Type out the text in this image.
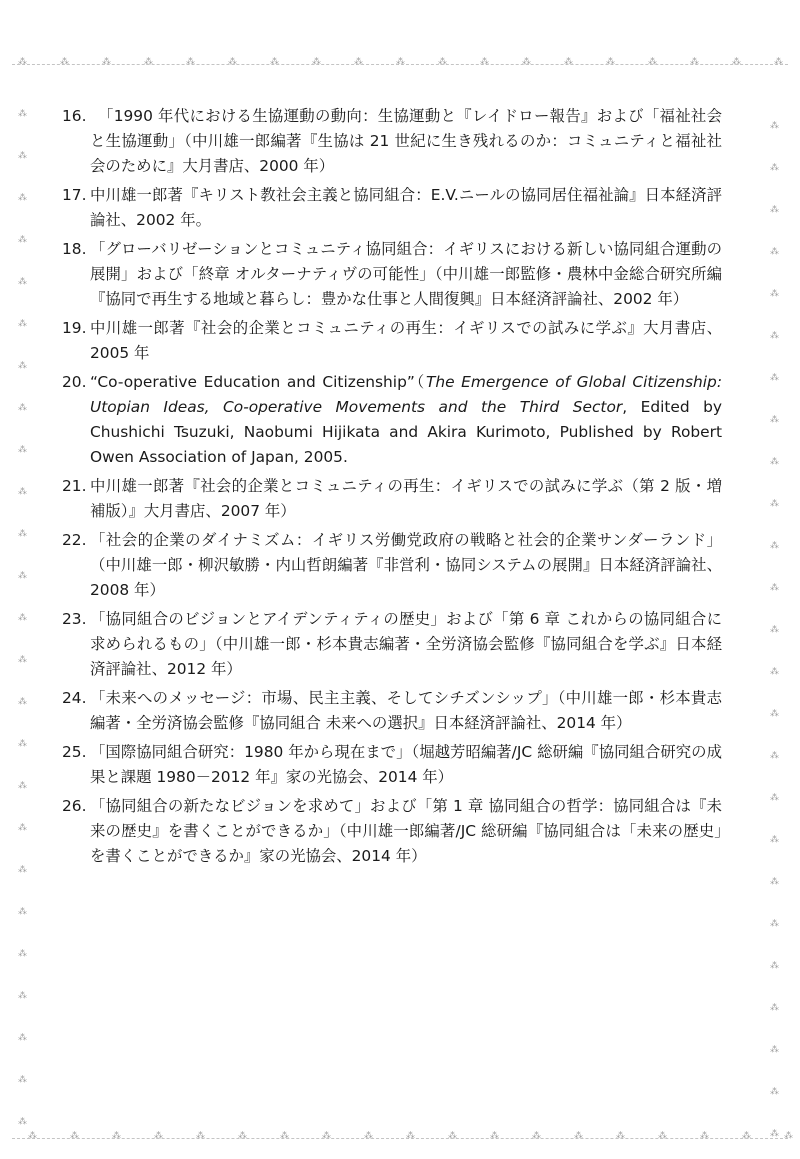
⁂
⁂
⁂
⁂
⁂
⁂
⁂
⁂
⁂
⁂
⁂
⁂
⁂
⁂
⁂
⁂
⁂
⁂
⁂
⁂
⁂
⁂
⁂
⁂
⁂
⁂
⁂
⁂
⁂
⁂
⁂
⁂
⁂
⁂
⁂
⁂
⁂
⁂
⁂
⁂
⁂
⁂
⁂
⁂
⁂
⁂
⁂
⁂
⁂
⁂
⁂
⁂
⁂
⁂
⁂
⁂
⁂
⁂
⁂
⁂
⁂
⁂
⁂
⁂
⁂
⁂
⁂
⁂
⁂
⁂
⁂
⁂
⁂
⁂
⁂
⁂
⁂
⁂
⁂
⁂
⁂
⁂
⁂
⁂
⁂
⁂
⁂
⁂
16. 　「1990 年代における生協運動の動向：生協運動と『レイドロー報告』および「福祉社会と生協運動」（中川雄一郎編著『生協は 21 世紀に生き残れるのか：コミュニティと福祉社会のために』大月書店、2000 年）
17. 中川雄一郎著『キリスト教社会主義と協同組合：E.V.ニールの協同居住福祉論』日本経済評論社、2002 年。
18. 「グローバリゼーションとコミュニティ協同組合：イギリスにおける新しい協同組合運動の展開」および「終章 オルターナティヴの可能性」（中川雄一郎監修・農林中金総合研究所編『協同で再生する地域と暮らし：豊かな仕事と人間復興』日本経済評論社、2002 年）
19. 中川雄一郎著『社会的企業とコミュニティの再生：イギリスでの試みに学ぶ』大月書店、2005 年
20. “Co-operative Education and Citizenship”（The Emergence of Global Citizenship: Utopian Ideas, Co-operative Movements and the Third Sector, Edited by Chushichi Tsuzuki, Naobumi Hijikata and Akira Kurimoto, Published by Robert Owen Association of Japan, 2005.
21. 中川雄一郎著『社会的企業とコミュニティの再生：イギリスでの試みに学ぶ（第 2 版・増補版）』大月書店、2007 年）
22. 「社会的企業のダイナミズム：イギリス労働党政府の戦略と社会的企業サンダーランド」（中川雄一郎・柳沢敏勝・内山哲朗編著『非営利・協同システムの展開』日本経済評論社、2008 年）
23. 「協同組合のビジョンとアイデンティティの歴史」および「第 6 章 これからの協同組合に求められるもの」（中川雄一郎・杉本貴志編著・全労済協会監修『協同組合を学ぶ』日本経済評論社、2012 年）
24. 「未来へのメッセージ：市場、民主主義、そしてシチズンシップ」（中川雄一郎・杉本貴志編著・全労済協会監修『協同組合 未来への選択』日本経済評論社、2014 年）
25. 「国際協同組合研究：1980 年から現在まで」（堀越芳昭編著/JC 総研編『協同組合研究の成果と課題 1980－2012 年』家の光協会、2014 年）
26. 「協同組合の新たなビジョンを求めて」および「第 1 章 協同組合の哲学：協同組合は『未来の歴史』を書くことができるか」（中川雄一郎編著/JC 総研編『協同組合は「未来の歴史」を書くことができるか』家の光協会、2014 年）
